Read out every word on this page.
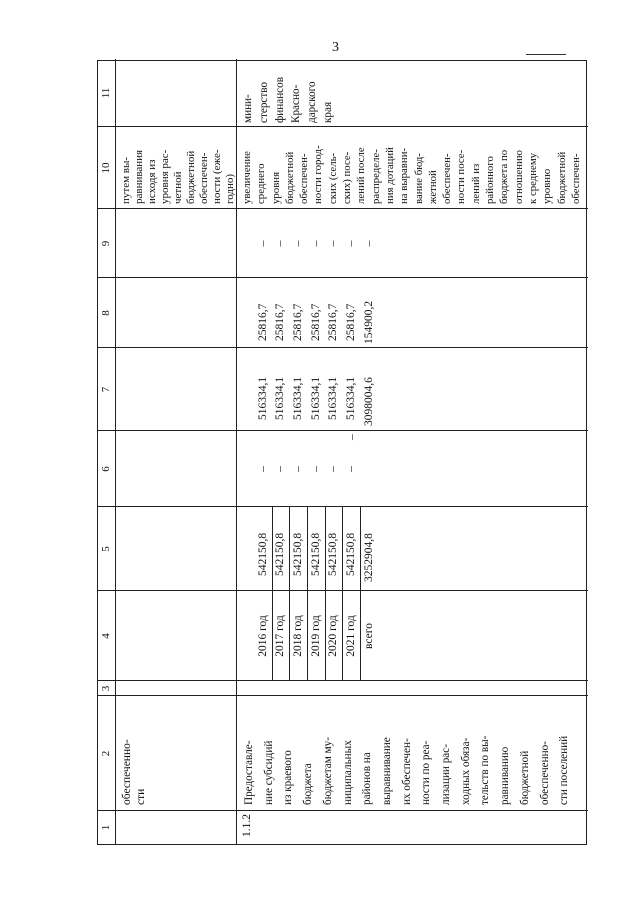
3
1
2
3
4
5
6
7
8
9
10
11
обеспеченно-
сти
путем вы-
равнивания
исходя из
уровня рас-
четной
бюджетной
обеспечен-
ности (еже-
годно)
1.1.2
Предоставле-
ние субсидий
из краевого
бюджета
бюджетам му-
ниципальных
районов на
выравнивание
их обеспечен-
ности по реа-
лизации рас-
ходных обяза-
тельств по вы-
равниванию
бюджетной
обеспеченно-
сти поселений
увеличение
среднего
уровня
бюджетной
обеспечен-
ности город-
ских (сель-
ских) посе-
лений после
распределе-
ния дотаций
на выравни-
вание бюд-
жетной
обеспечен-
ности посе-
лений из
районного
бюджета по
отношению
к среднему
уровню
бюджетной
обеспечен-
мини-
стерство
финансов
Красно-
дарского
края
2016 год
542150,8
–
516334,1
25816,7
–
2017 год
542150,8
–
516334,1
25816,7
–
2018 год
542150,8
–
516334,1
25816,7
–
2019 год
542150,8
–
516334,1
25816,7
–
2020 год
542150,8
–
516334,1
25816,7
–
2021 год
542150,8
–
516334,1
25816,7
–
всего
3252904,8
–
3098004,6
154900,2
–
